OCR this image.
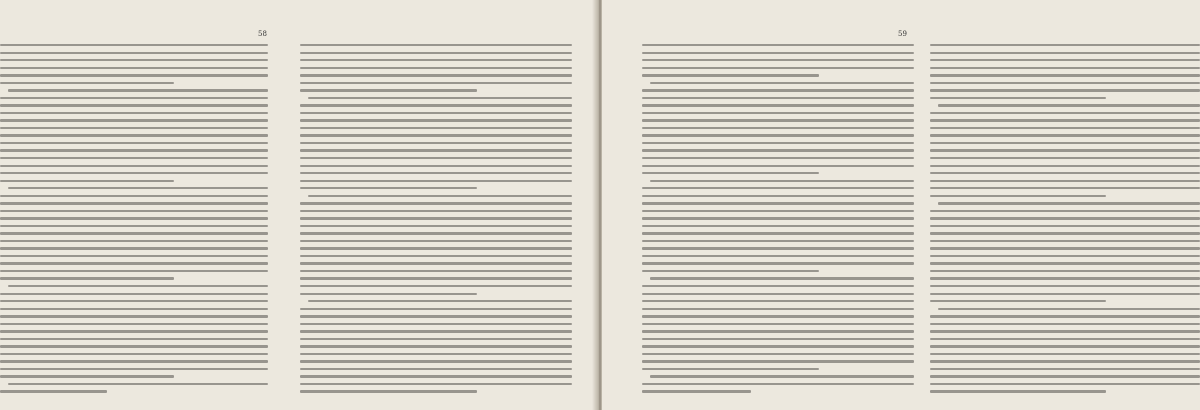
58	59
